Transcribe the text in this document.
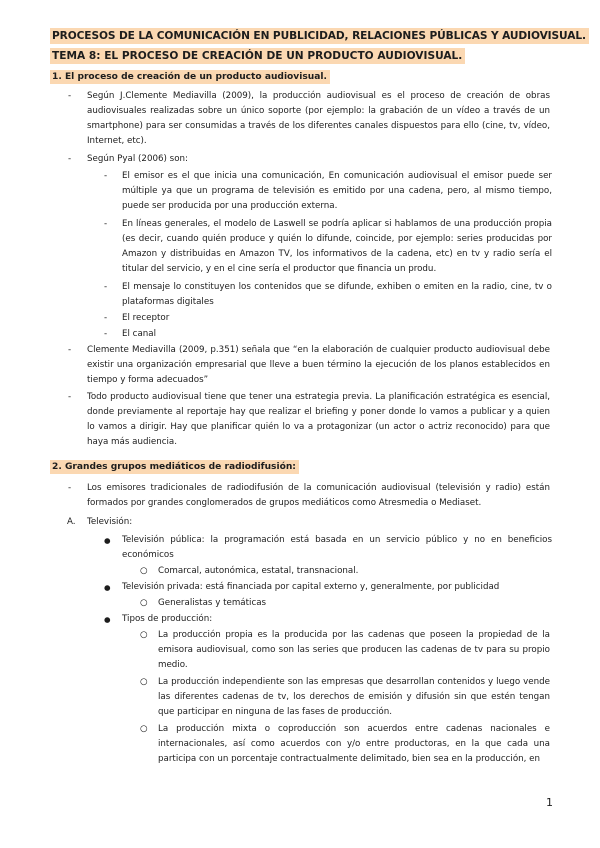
PROCESOS DE LA COMUNICACIÓN EN PUBLICIDAD, RELACIONES PÚBLICAS Y AUDIOVISUAL.
TEMA 8: EL PROCESO DE CREACIÓN DE UN PRODUCTO AUDIOVISUAL.
1. El proceso de creación de un producto audiovisual.
- Según J.Clemente Mediavilla (2009), la producción audiovisual es el proceso de creación de obras audiovisuales realizadas sobre un único soporte (por ejemplo: la grabación de un vídeo a través de un smartphone) para ser consumidas a través de los diferentes canales dispuestos para ello (cine, tv, vídeo, Internet, etc).
- Según Pyal (2006) son:
- El emisor es el que inicia una comunicación, En comunicación audiovisual el emisor puede ser múltiple ya que un programa de televisión es emitido por una cadena, pero, al mismo tiempo, puede ser producida por una producción externa.
- En líneas generales, el modelo de Laswell se podría aplicar si hablamos de una producción propia (es decir, cuando quién produce y quién lo difunde, coincide, por ejemplo: series producidas por Amazon y distribuidas en Amazon TV, los informativos de la cadena, etc) en tv y radio sería el titular del servicio, y en el cine sería el productor que financia un produ.
- El mensaje lo constituyen los contenidos que se difunde, exhiben o emiten en la radio, cine, tv o plataformas digitales
- El receptor
- El canal
- Clemente Mediavilla (2009, p.351) señala que “en la elaboración de cualquier producto audiovisual debe existir una organización empresarial que lleve a buen término la ejecución de los planos establecidos en tiempo y forma adecuados”
- Todo producto audiovisual tiene que tener una estrategia previa. La planificación estratégica es esencial, donde previamente al reportaje hay que realizar el briefing y poner donde lo vamos a publicar y a quien lo vamos a dirigir. Hay que planificar quién lo va a protagonizar (un actor o actriz reconocido) para que haya más audiencia.
2. Grandes grupos mediáticos de radiodifusión:
- Los emisores tradicionales de radiodifusión de la comunicación audiovisual (televisión y radio) están formados por grandes conglomerados de grupos mediáticos como Atresmedia o Mediaset.
A. Televisión:
● Televisión pública: la programación está basada en un servicio público y no en beneficios económicos
○ Comarcal, autonómica, estatal, transnacional.
● Televisión privada: está financiada por capital externo y, generalmente, por publicidad
○ Generalistas y temáticas
● Tipos de producción:
○ La producción propia es la producida por las cadenas que poseen la propiedad de la emisora audiovisual, como son las series que producen las cadenas de tv para su propio medio.
○ La producción independiente son las empresas que desarrollan contenidos y luego vende las diferentes cadenas de tv, los derechos de emisión y difusión sin que estén tengan que participar en ninguna de las fases de producción.
○ La producción mixta o coproducción son acuerdos entre cadenas nacionales e internacionales, así como acuerdos con y/o entre productoras, en la que cada una participa con un porcentaje contractualmente delimitado, bien sea en la producción, en
1
